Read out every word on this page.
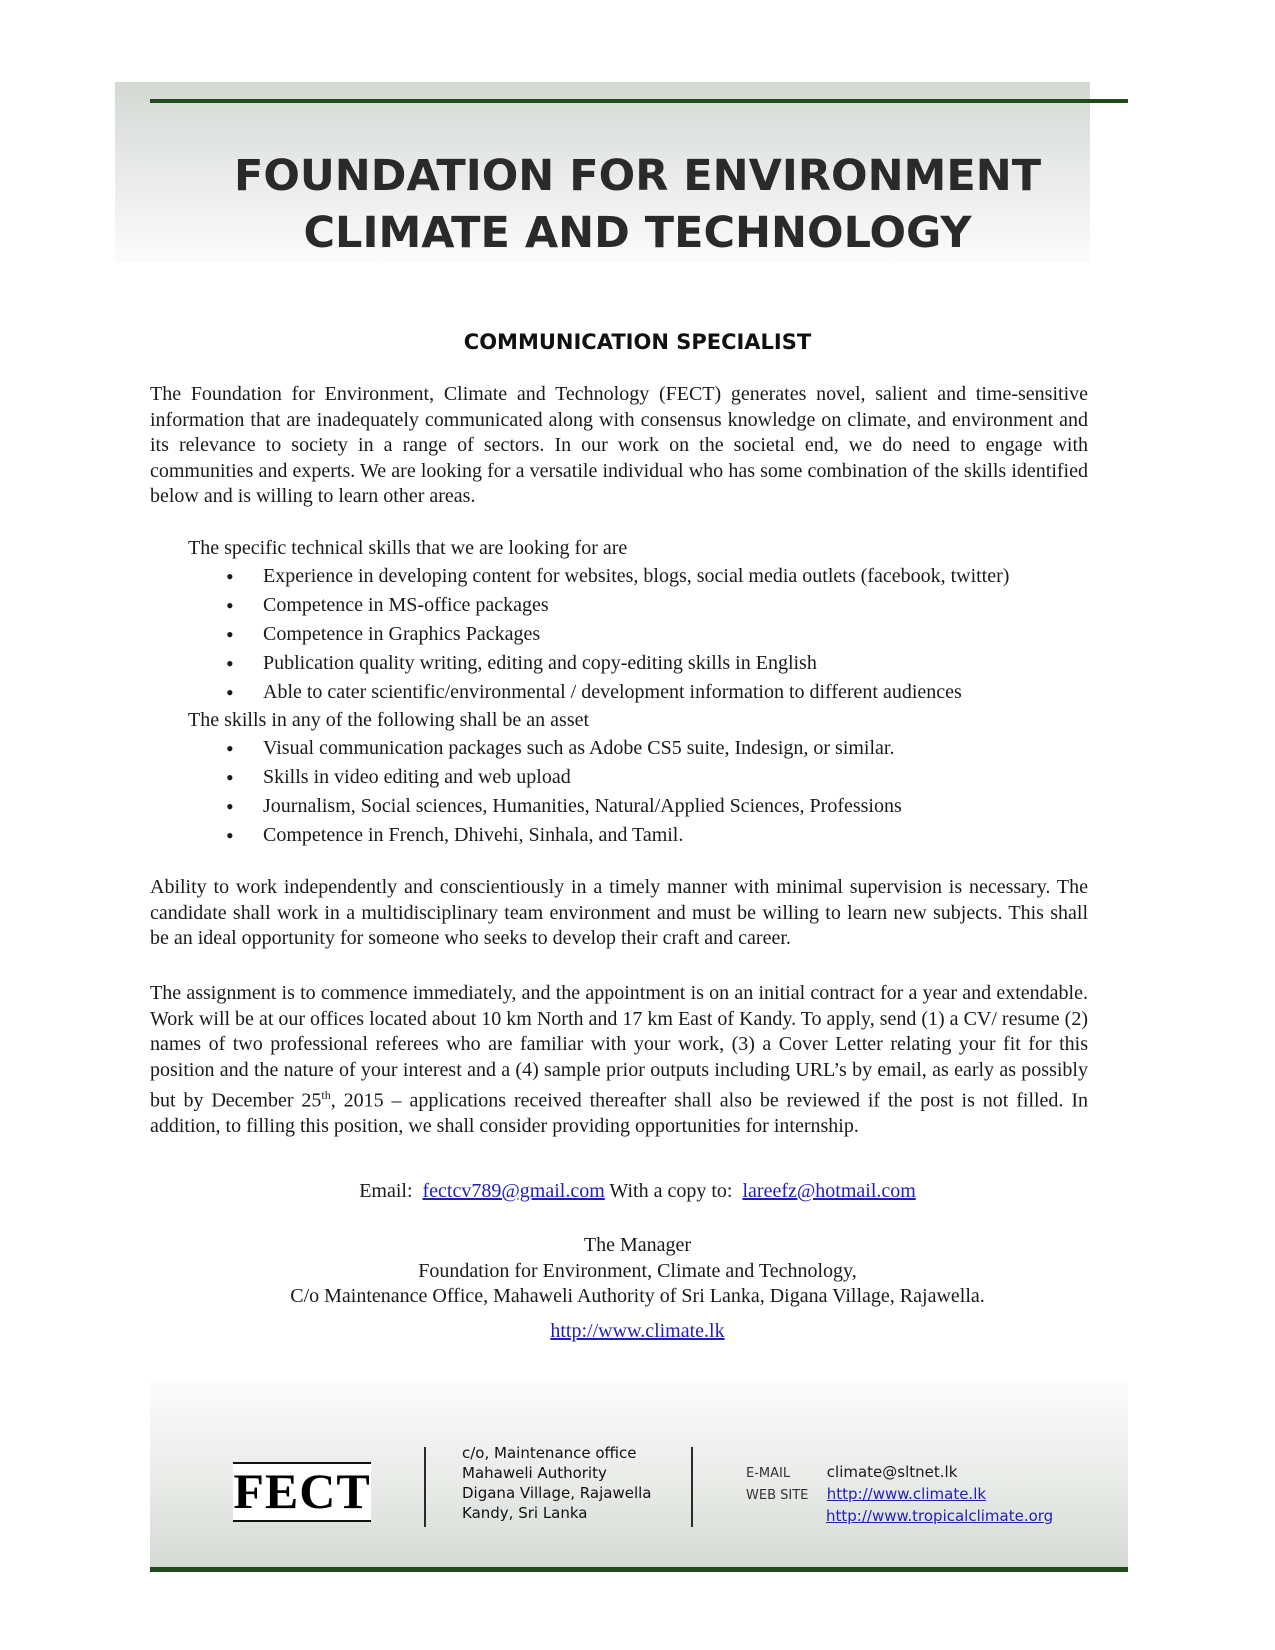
FOUNDATION FOR ENVIRONMENT
CLIMATE AND TECHNOLOGY
COMMUNICATION SPECIALIST

The Foundation for Environment, Climate and Technology (FECT) generates novel, salient and time-sensitive information that are inadequately communicated along with consensus knowledge on climate, and environment and its relevance to society in a range of sectors. In our work on the societal end, we do need to engage with communities and experts. We are looking for a versatile individual who has some combination of the skills identified below and is willing to learn other areas.

The specific technical skills that we are looking for are

• Experience in developing content for websites, blogs, social media outlets (facebook, twitter)
• Competence in MS-office packages
• Competence in Graphics Packages
• Publication quality writing, editing and copy-editing skills in English
• Able to cater scientific/environmental / development information to different audiences

The skills in any of the following shall be an asset

• Visual communication packages such as Adobe CS5 suite, Indesign, or similar.
• Skills in video editing and web upload
• Journalism, Social sciences, Humanities, Natural/Applied Sciences, Professions
• Competence in French, Dhivehi, Sinhala, and Tamil.

Ability to work independently and conscientiously in a timely manner with minimal supervision is necessary. The candidate shall work in a multidisciplinary team environment and must be willing to learn new subjects. This shall be an ideal opportunity for someone who seeks to develop their craft and career.

The assignment is to commence immediately, and the appointment is on an initial contract for a year and extendable. Work will be at our offices located about 10 km North and 17 km East of Kandy. To apply, send (1) a CV/ resume (2) names of two professional referees who are familiar with your work, (3) a Cover Letter relating your fit for this position and the nature of your interest and a (4) sample prior outputs including URL’s by email, as early as possibly but by December 25th, 2015 – applications received thereafter shall also be reviewed if the post is not filled. In addition, to filling this position, we shall consider providing opportunities for internship.

Email: fectcv789@gmail.com With a copy to: lareefz@hotmail.com

The Manager
Foundation for Environment, Climate and Technology,
C/o Maintenance Office, Mahaweli Authority of Sri Lanka, Digana Village, Rajawella.
http://www.climate.lk
FECT
c/o, Maintenance office
Mahaweli Authority
Digana Village, Rajawella
Kandy, Sri Lanka
E-MAIL climate@sltnet.lk
WEB SITE http://www.climate.lk
http://www.tropicalclimate.org
